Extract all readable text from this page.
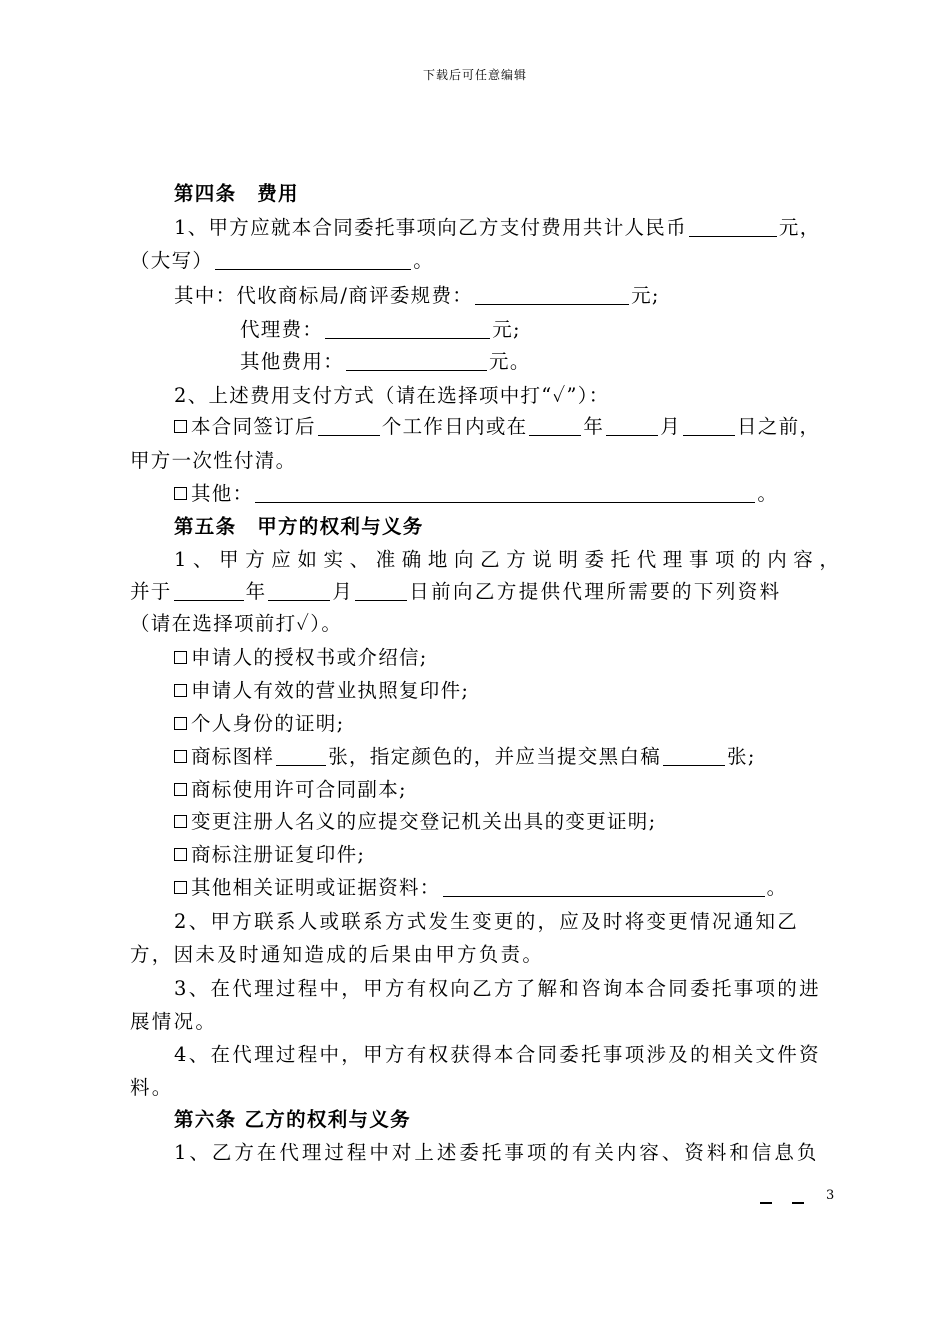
下载后可任意编辑
第四条　费用
1、甲方应就本合同委托事项向乙方支付费用共计人民币	元，
（大写）	。
其中：代收商标局/商评委规费：	元;
代理费：	元;
其他费用：	元。
2、上述费用支付方式（请在选择项中打“✓”）：
本合同签订后	个工作日内或在	年	月	日之前，
甲方一次性付清。
其他：	。
第五条　甲方的权利与义务
1、甲方应如实、准确地向乙方说明委托代理事项的内容，
并于	年	月	日前向乙方提供代理所需要的下列资料
（请在选择项前打✓）。
申请人的授权书或介绍信;
申请人有效的营业执照复印件;
个人身份的证明;
商标图样	张，指定颜色的，并应当提交黑白稿	张;
商标使用许可合同副本;
变更注册人名义的应提交登记机关出具的变更证明;
商标注册证复印件;
其他相关证明或证据资料：	。
2、甲方联系人或联系方式发生变更的，应及时将变更情况通知乙
方，因未及时通知造成的后果由甲方负责。
3、在代理过程中，甲方有权向乙方了解和咨询本合同委托事项的进
展情况。
4、在代理过程中，甲方有权获得本合同委托事项涉及的相关文件资
料。
第六条 乙方的权利与义务
1、乙方在代理过程中对上述委托事项的有关内容、资料和信息负
3
